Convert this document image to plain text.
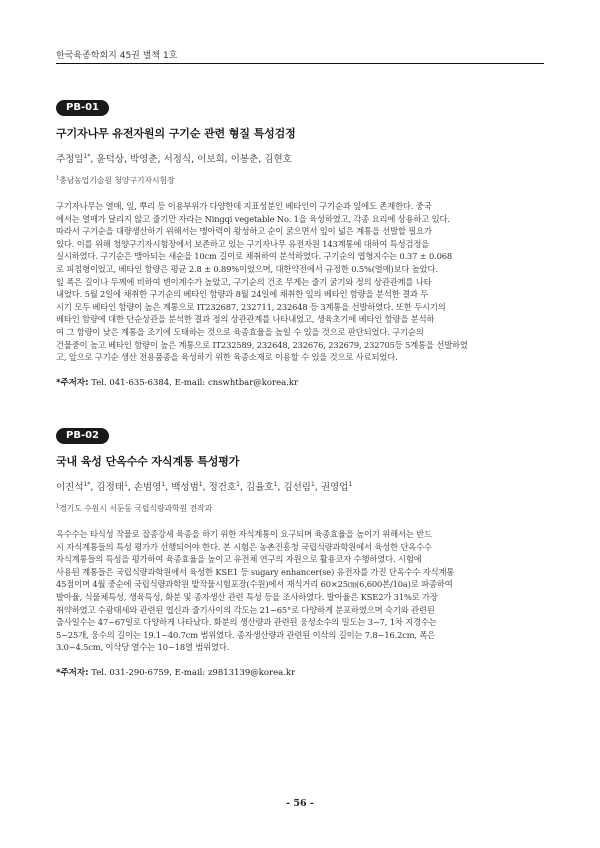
한국육종학회지 45권 별책 1호
PB-01
구기자나무 유전자원의 구기순 관련 형질 특성검정
주정일$^{1*}$, 윤덕상, 박영춘, 서정식, 이보희, 이봉춘, 김현호
$^1$충남농업기술원 청양구기자시험장
구기자나무는 열매, 잎, 뿌리 등 이용부위가 다양한데 지표성분인 베타인이 구기순과 잎에도 존재한다. 중국
에서는 열매가 달리지 않고 줄기만 자라는 Ningqi vegetable No. 1을 육성하였고, 각종 요리에 상용하고 있다.
따라서 구기순을 대량생산하기 위해서는 맹아력이 왕성하고 순이 굵으면서 잎이 넓은 계통을 선발할 필요가
있다. 이를 위해 청양구기자시험장에서 보존하고 있는 구기자나무 유전자원 143계통에 대하여 특성검정을
실시하였다. 구기순은 맹아되는 새순을 10cm 길이로 채취하여 분석하였다. 구기순의 엽형지수는 0.37 ± 0.068
로 피침형이었고, 베타인 함량은 평균 2.8 ± 0.89%이었으며, 대한약전에서 규정한 0.5%(열매)보다 높았다.
잎 폭은 길이나 두께에 비하여 변이계수가 높았고, 구기순의 건조 무게는 줄기 굵기와 정의 상관관계를 나타
내었다. 5월 2일에 채취한 구기순의 베타인 함량과 8월 24일에 채취한 잎의 베타인 함량을 분석한 결과 두
시기 모두 베타인 함량이 높은 계통으로 IT232687, 232711, 232648 등 3계통을 선발하였다. 또한 두시기의
베타인 함량에 대한 단순상관을 분석한 결과 정의 상관관계를 나타내었고, 생육초기에 베타인 함량을 분석하
여 그 함량이 낮은 계통을 조기에 도태하는 것으로 육종효율을 높일 수 있을 것으로 판단되었다. 구기순의
건물중이 높고 베타인 함량이 높은 계통으로 IT232589, 232648, 232676, 232679, 232705등 5계통을 선발하였
고, 앞으로 구기순 생산 전용품종을 육성하기 위한 육종소재로 이용할 수 있을 것으로 사료되었다.
*주저자: Tel. 041-635-6384, E-mail: cnswhtbar@korea.kr
PB-02
국내 육성 단옥수수 자식계통 특성평가
이진석$^{1*}$, 김정태$^1$, 손범영$^1$, 백성범$^1$, 정건호$^1$, 김율호$^1$, 김선림$^1$, 권영업$^1$
$^1$경기도 수원시 서둔동 국립식량과학원 전작과
옥수수는 타식성 작물로 잡종강세 육종을 하기 위한 자식계통이 요구되며 육종효율을 높이기 위해서는 반드
시 자식계통들의 특성 평가가 선행되어야 한다. 본 시험은 농촌진흥청 국립식량과학원에서 육성한 단옥수수
자식계통들의 특성을 평가하여 육종효율을 높이고 유전체 연구의 자원으로 활용코자 수행하였다. 시험에
사용된 계통들은 국립식량과학원에서 육성한 KSE1 등 sugary enhancer(se) 유전자를 가진 단옥수수 자식계통
45점이며 4월 중순에 국립식량과학원 밭작물시험포장(수원)에서 재식거리 60×25㎝(6,600본/10a)로 파종하여
발아율, 식물체특성, 생육특성, 화분 및 종자생산 관련 특성 등을 조사하였다. 발아율은 KSE2가 31%로 가장
취약하였고 수광태세와 관련된 엽신과 줄기사이의 각도는 21~65°로 다양하게 분포하였으며 숙기와 관련된
출사일수는 47~67일로 다양하게 나타났다. 화분의 생산량과 관련된 웅성소수의 밀도는 3~7, 1차 지경수는
5~25개, 웅수의 길이는 19.1~40.7cm 범위였다. 종자생산량과 관련된 이삭의 길이는 7.8~16.2cm, 폭은
3.0~4.5cm, 이삭당 열수는 10~18열 범위였다.
*주저자: Tel. 031-290-6759, E-mail: z9813139@korea.kr
- 56 -
